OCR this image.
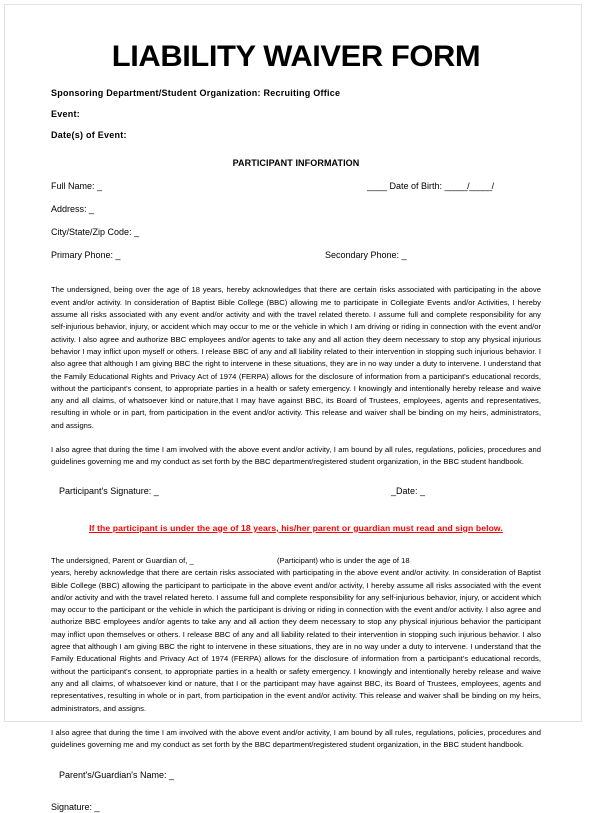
LIABILITY WAIVER FORM

Sponsoring Department/Student Organization: Recruiting Office

Event:

Date(s) of Event:

PARTICIPANT INFORMATION
Full Name: _	____ Date of Birth: _____/_____/
Address: _
City/State/Zip Code: _
Primary Phone: _	Secondary Phone: _

The undersigned, being over the age of 18 years, hereby acknowledges that there are certain risks associated with participating in the above event and/or activity. In consideration of Baptist Bible College (BBC) allowing me to participate in Collegiate Events and/or Activities, I hereby assume all risks associated with any event and/or activity and with the travel related thereto. I assume full and complete responsibility for any self-injurious behavior, injury, or accident which may occur to me or the vehicle in which I am driving or riding in connection with the event and/or activity. I also agree and authorize BBC employees and/or agents to take any and all action they deem necessary to stop any physical injurious behavior I may inflict upon myself or others. I release BBC of any and all liability related to their intervention in stopping such injurious behavior. I also agree that although I am giving BBC the right to intervene in these situations, they are in no way under a duty to intervene. I understand that the Family Educational Rights and Privacy Act of 1974 (FERPA) allows for the disclosure of information from a participant's educational records, without the participant's consent, to appropriate parties in a health or safety emergency. I knowingly and intentionally hereby release and waive any and all claims, of whatsoever kind or nature,that I may have against BBC, its Board of Trustees, employees, agents and representatives, resulting in whole or in part, from participation in the event and/or activity. This release and waiver shall be binding on my heirs, administrators, and assigns.

I also agree that during the time I am involved with the above event and/or activity, I am bound by all rules, regulations, policies, procedures and guidelines governing me and my conduct as set forth by the BBC department/registered student organization, in the BBC student handbook.

Participant's Signature: _	_Date: _
If the participant is under the age of 18 years, his/her parent or guardian must read and sign below.
The undersigned, Parent or Guardian of, _	(Participant) who is under the age of 18

years, hereby acknowledge that there are certain risks associated with participating in the above event and/or activity. In consideration of Baptist Bible College (BBC) allowing the participant to participate in the above event and/or activity, I hereby assume all risks associated with the event and/or activity and with the travel related hereto. I assume full and complete responsibility for any self-injurious behavior, injury, or accident which may occur to the participant or the vehicle in which the participant is driving or riding in connection with the event and/or activity. I also agree and authorize BBC employees and/or agents to take any and all action they deem necessary to stop any physical injurious behavior the participant may inflict upon themselves or others. I release BBC of any and all liability related to their intervention in stopping such injurious behavior. I also agree that although I am giving BBC the right to intervene in these situations, they are in no way under a duty to intervene. I understand that the Family Educational Rights and Privacy Act of 1974 (FERPA) allows for the disclosure of information from a participant's educational records, without the participant's consent, to appropriate parties in a health or safety emergency. I knowingly and intentionally hereby release and waive any and all claims, of whatsoever kind or nature, that I or the participant may have against BBC, its Board of Trustees, employees, agents and representatives, resulting in whole or in part, from participation in the event and/or activity. This release and waiver shall be binding on my heirs, administrators, and assigns.

I also agree that during the time I am involved with the above event and/or activity, I am bound by all rules, regulations, policies, procedures and guidelines governing me and my conduct as set forth by the BBC department/registered student organization, in the BBC student handbook.

Parent's/Guardian's Name: _
Signature: _
